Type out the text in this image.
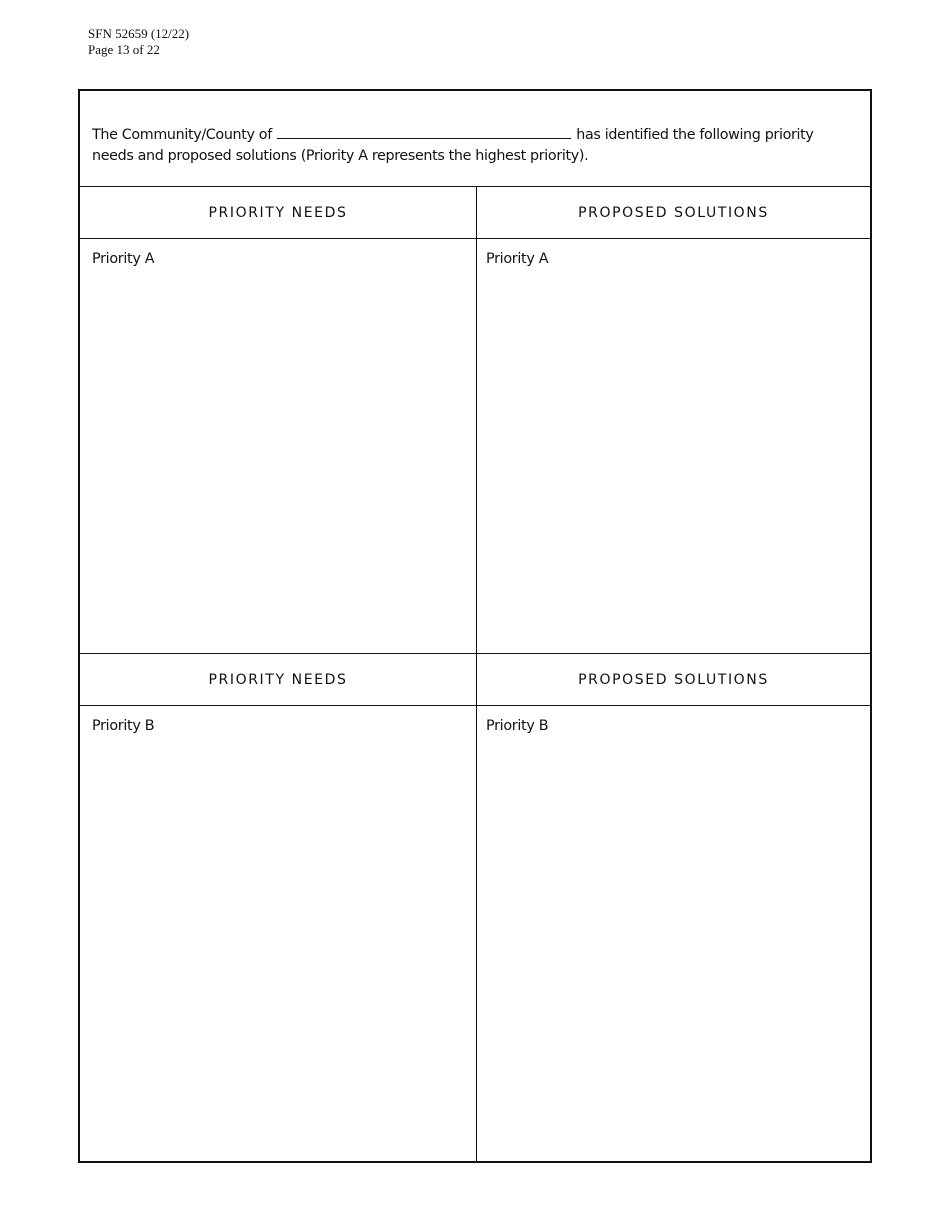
SFN 52659 (12/22)
Page 13 of 22
The Community/County of	has identified the following priority needs and proposed solutions (Priority A represents the highest priority).
PRIORITY NEEDS	PROPOSED SOLUTIONS
Priority A	Priority A
PRIORITY NEEDS	PROPOSED SOLUTIONS
Priority B	Priority B
